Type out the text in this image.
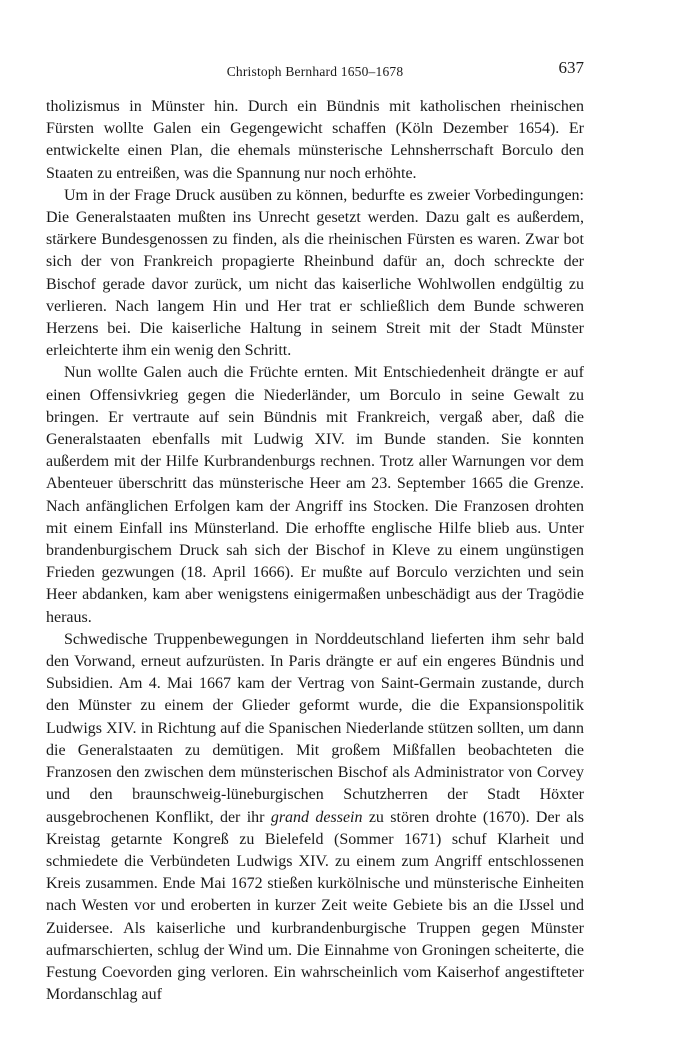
Christoph Bernhard 1650–1678	637

tholizismus in Münster hin. Durch ein Bündnis mit katholischen rheinischen Fürsten wollte Galen ein Gegengewicht schaffen (Köln Dezember 1654). Er entwickelte einen Plan, die ehemals münsterische Lehnsherrschaft Borculo den Staaten zu entreißen, was die Spannung nur noch erhöhte.

Um in der Frage Druck ausüben zu können, bedurfte es zweier Vorbedingungen: Die Generalstaaten mußten ins Unrecht gesetzt werden. Dazu galt es außerdem, stärkere Bundesgenossen zu finden, als die rheinischen Fürsten es waren. Zwar bot sich der von Frankreich propagierte Rheinbund dafür an, doch schreckte der Bischof gerade davor zurück, um nicht das kaiserliche Wohlwollen endgültig zu verlieren. Nach langem Hin und Her trat er schließlich dem Bunde schweren Herzens bei. Die kaiserliche Haltung in seinem Streit mit der Stadt Münster erleichterte ihm ein wenig den Schritt.

Nun wollte Galen auch die Früchte ernten. Mit Entschiedenheit drängte er auf einen Offensivkrieg gegen die Niederländer, um Borculo in seine Gewalt zu bringen. Er vertraute auf sein Bündnis mit Frankreich, vergaß aber, daß die Generalstaaten ebenfalls mit Ludwig XIV. im Bunde standen. Sie konnten außerdem mit der Hilfe Kurbrandenburgs rechnen. Trotz aller Warnungen vor dem Abenteuer überschritt das münsterische Heer am 23. September 1665 die Grenze. Nach anfänglichen Erfolgen kam der Angriff ins Stocken. Die Franzosen drohten mit einem Einfall ins Münsterland. Die erhoffte englische Hilfe blieb aus. Unter brandenburgischem Druck sah sich der Bischof in Kleve zu einem ungünstigen Frieden gezwungen (18. April 1666). Er mußte auf Borculo verzichten und sein Heer abdanken, kam aber wenigstens einigermaßen unbeschädigt aus der Tragödie heraus.

Schwedische Truppenbewegungen in Norddeutschland lieferten ihm sehr bald den Vorwand, erneut aufzurüsten. In Paris drängte er auf ein engeres Bündnis und Subsidien. Am 4. Mai 1667 kam der Vertrag von Saint-Germain zustande, durch den Münster zu einem der Glieder geformt wurde, die die Expansionspolitik Ludwigs XIV. in Richtung auf die Spanischen Niederlande stützen sollten, um dann die Generalstaaten zu demütigen. Mit großem Mißfallen beobachteten die Franzosen den zwischen dem münsterischen Bischof als Administrator von Corvey und den braunschweig-lüneburgischen Schutzherren der Stadt Höxter ausgebrochenen Konflikt, der ihr grand dessein zu stören drohte (1670). Der als Kreistag getarnte Kongreß zu Bielefeld (Sommer 1671) schuf Klarheit und schmiedete die Verbündeten Ludwigs XIV. zu einem zum Angriff entschlossenen Kreis zusammen. Ende Mai 1672 stießen kurkölnische und münsterische Einheiten nach Westen vor und eroberten in kurzer Zeit weite Gebiete bis an die IJssel und Zuidersee. Als kaiserliche und kurbrandenburgische Truppen gegen Münster aufmarschierten, schlug der Wind um. Die Einnahme von Groningen scheiterte, die Festung Coevorden ging verloren. Ein wahrscheinlich vom Kaiserhof angestifteter Mordanschlag auf
